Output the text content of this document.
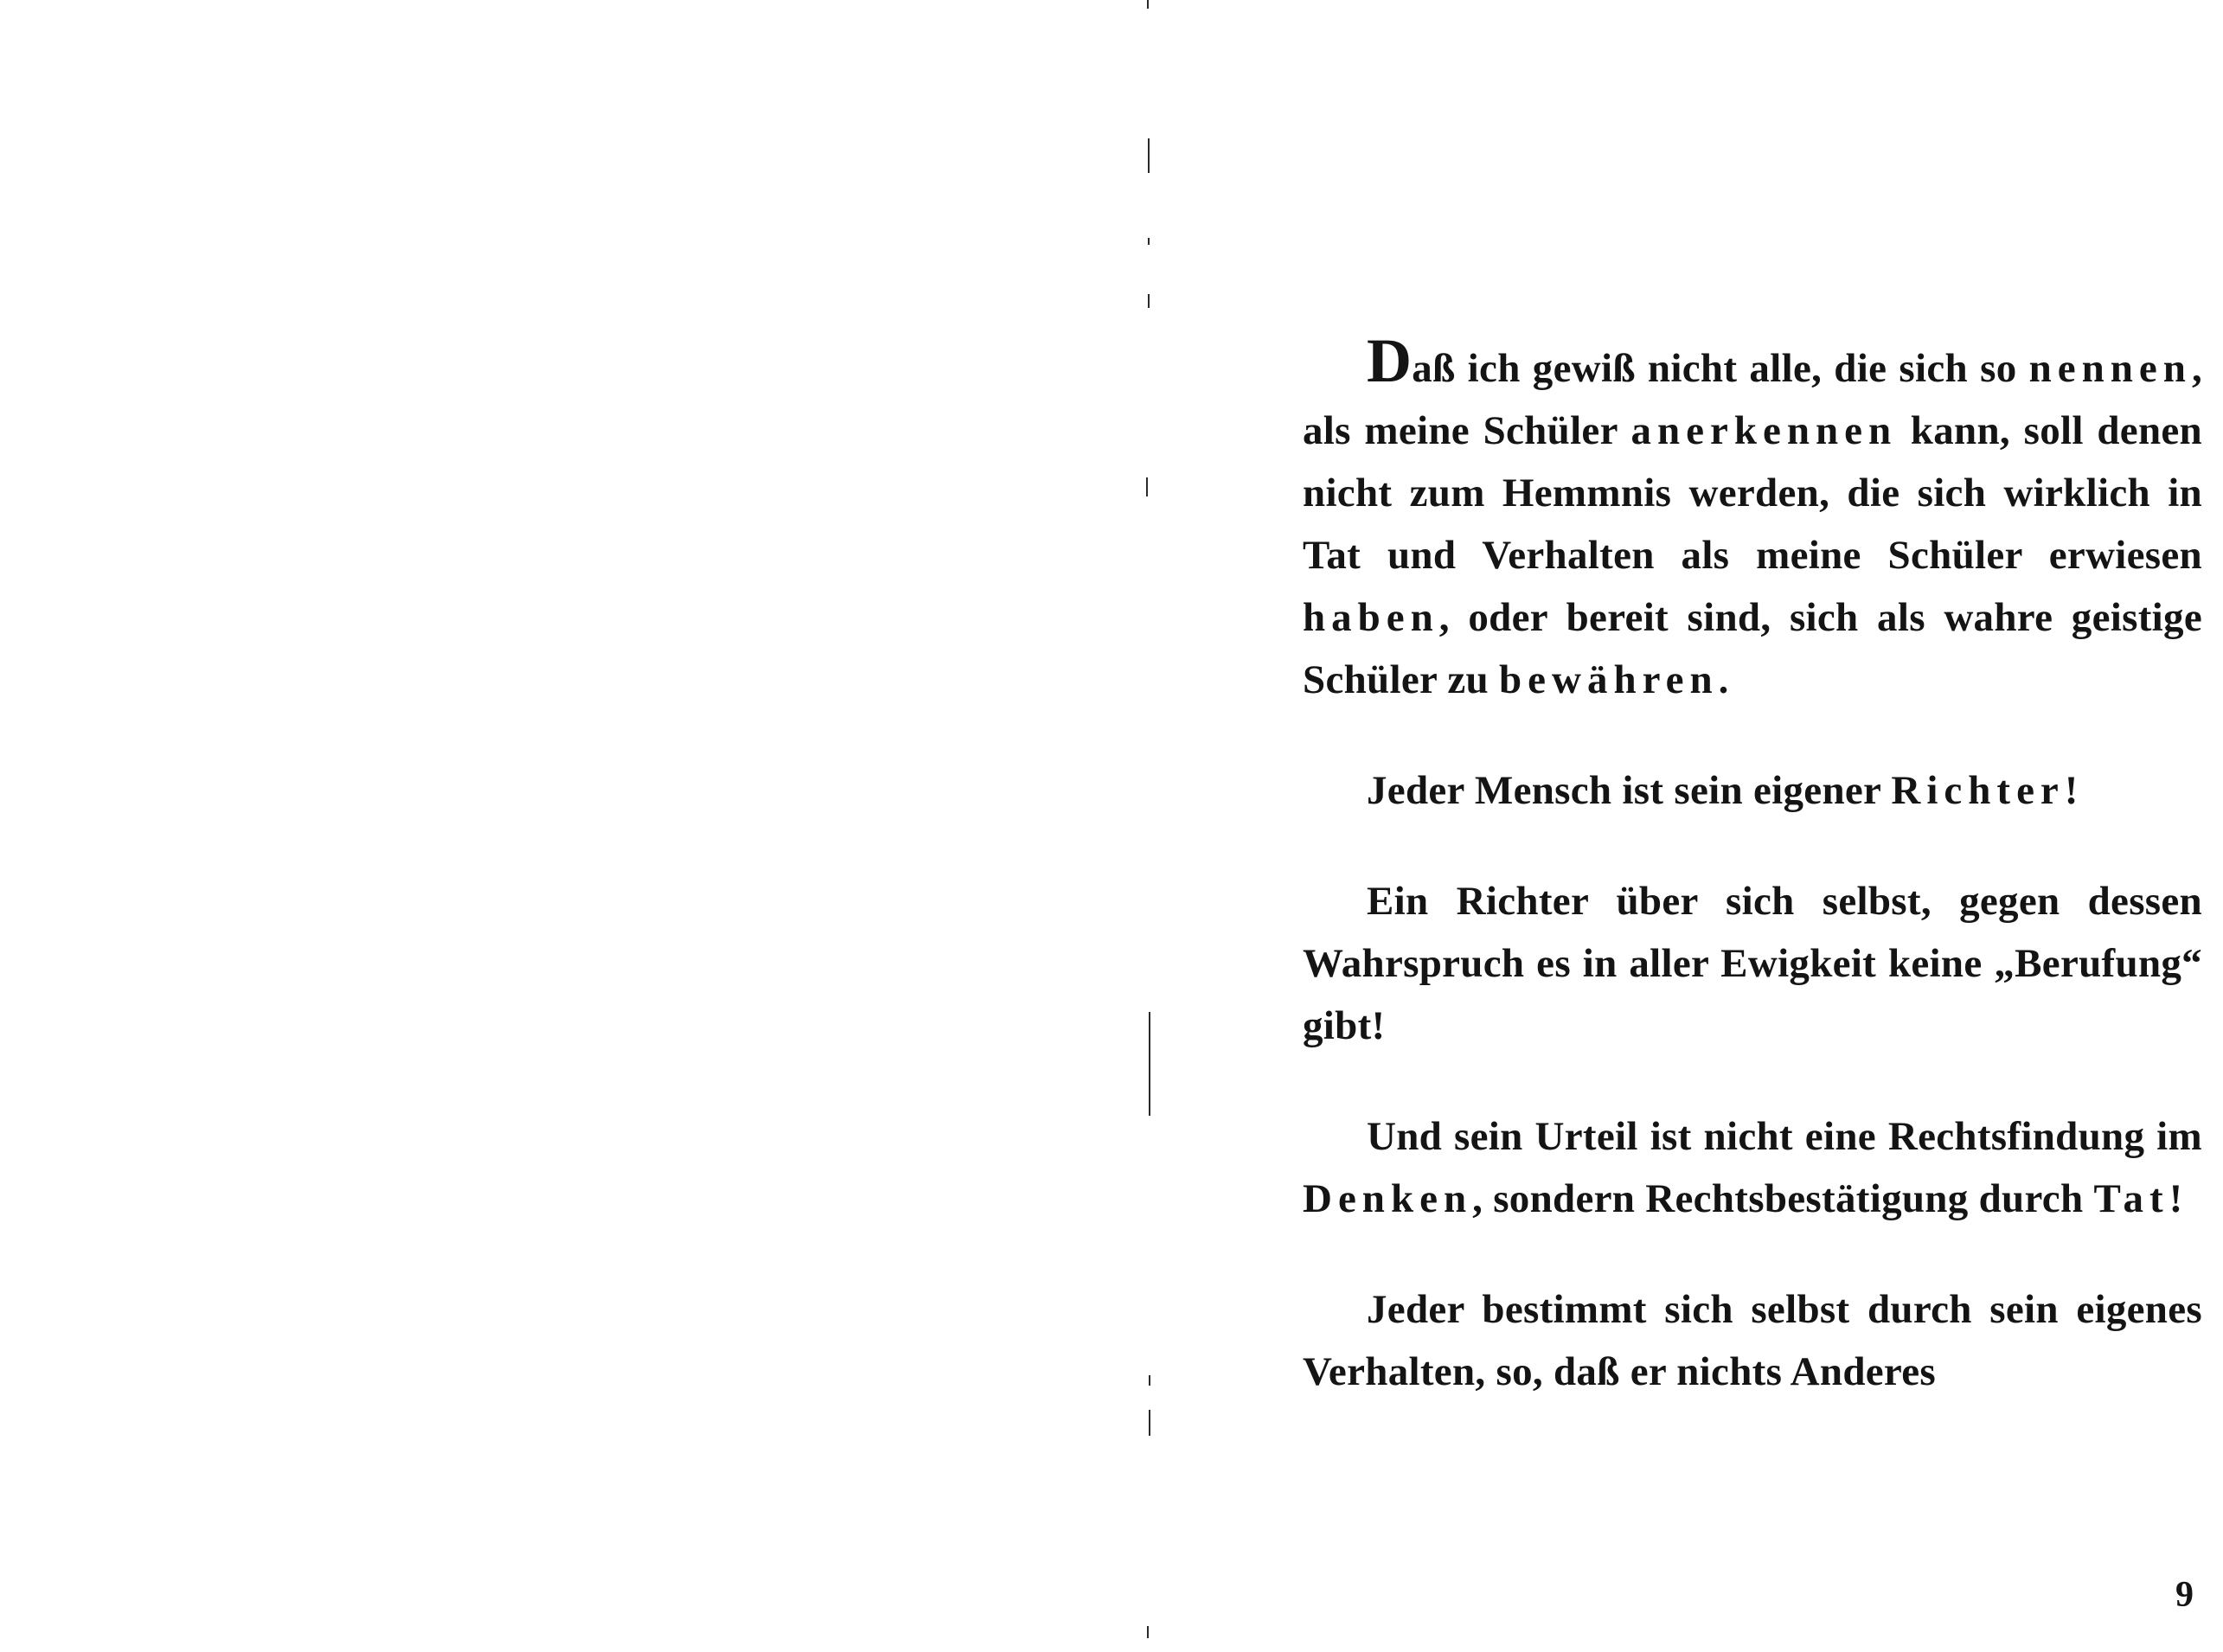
Daß ich gewiß nicht alle, die sich so nennen, als meine Schüler anerkennen kann, soll denen nicht zum Hemmnis werden, die sich wirklich in Tat und Verhalten als meine Schüler erwiesen haben, oder bereit sind, sich als wahre geistige Schüler zu bewähren.

Jeder Mensch ist sein eigener Richter!

Ein Richter über sich selbst, gegen dessen Wahrspruch es in aller Ewigkeit keine „Berufung“ gibt!

Und sein Urteil ist nicht eine Rechtsfindung im Denken, sondern Rechtsbestätigung durch Tat!

Jeder bestimmt sich selbst durch sein eigenes Verhalten, so, daß er nichts Anderes

9
